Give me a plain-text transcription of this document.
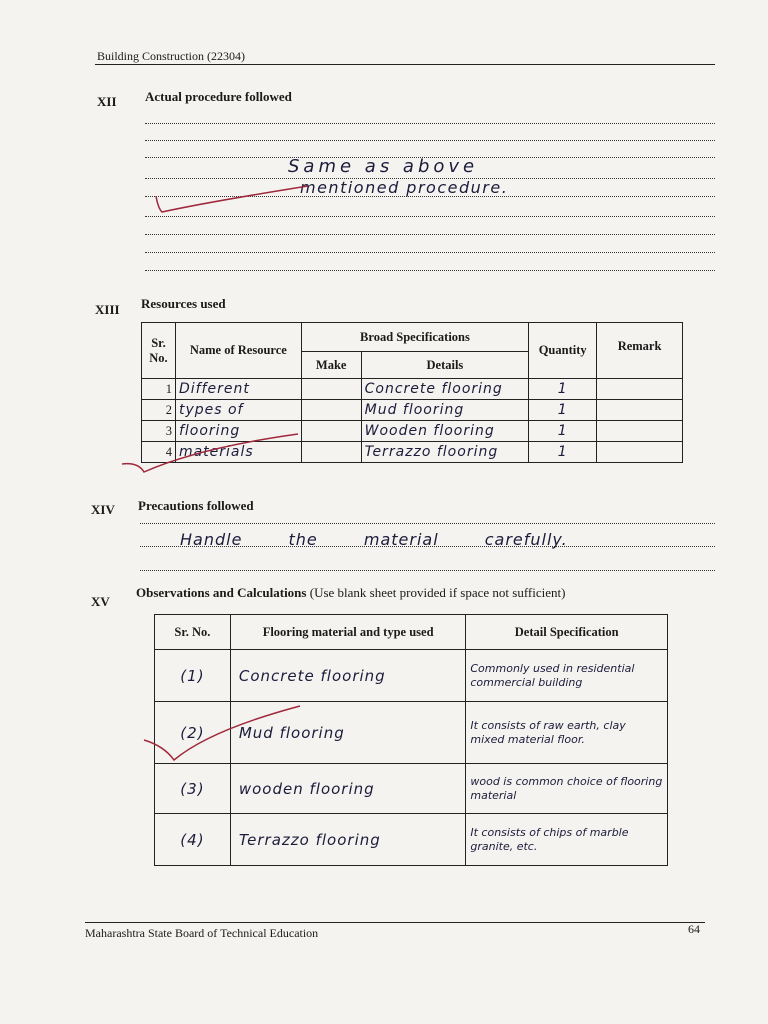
Building Construction (22304)
XII Actual procedure followed
Same as above
mentioned procedure.
XIII Resources used
Sr. No.	Name of Resource	Broad Specifications		Quantity	Remark
		Make	Details		
1	Different		Concrete flooring	1	
2	types of		Mud flooring	1	
3	flooring		Wooden flooring	1	
4	materials		Terrazzo flooring	1	
XIV Precautions followed
Handle the material carefully.
XV
Observations and Calculations (Use blank sheet provided if space not sufficient)
Sr. No.	Flooring material and type used	Detail Specification
(1)	Concrete flooring	Commonly used in residential commercial building
(2)	Mud flooring	It consists of raw earth, clay mixed material floor.
(3)	wooden flooring	wood is common choice of flooring material
(4)	Terrazzo flooring	It consists of chips of marble granite, etc.
Maharashtra State Board of Technical Education	64
